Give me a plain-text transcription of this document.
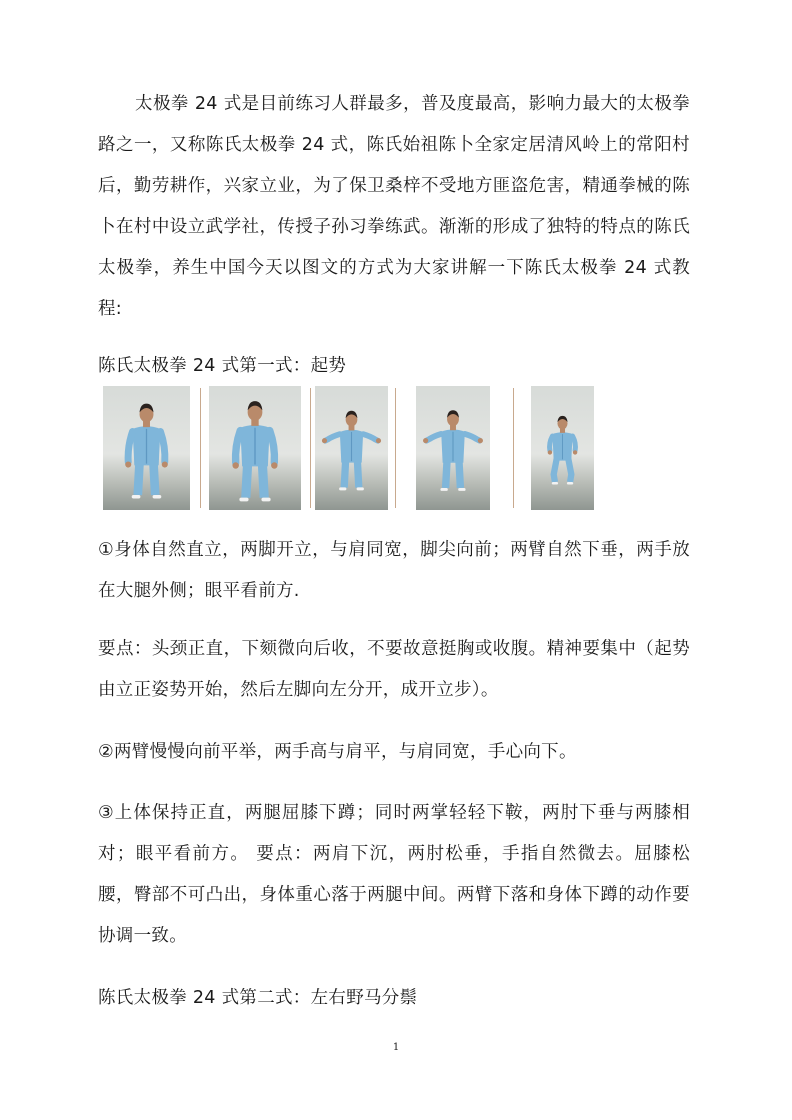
太极拳 24 式是目前练习人群最多，普及度最高，影响力最大的太极拳路之一，又称陈氏太极拳 24 式，陈氏始祖陈卜全家定居清风岭上的常阳村后，勤劳耕作，兴家立业，为了保卫桑梓不受地方匪盗危害，精通拳械的陈卜在村中设立武学社，传授子孙习拳练武。渐渐的形成了独特的特点的陈氏太极拳，养生中国今天以图文的方式为大家讲解一下陈氏太极拳 24 式教程:

陈氏太极拳 24 式第一式：起势

①身体自然直立，两脚开立，与肩同宽，脚尖向前；两臂自然下垂，两手放在大腿外侧；眼平看前方.

要点：头颈正直，下颏微向后收，不要故意挺胸或收腹。精神要集中（起势由立正姿势开始，然后左脚向左分开，成开立步）。

②两臂慢慢向前平举，两手高与肩平，与肩同宽，手心向下。

③上体保持正直，两腿屈膝下蹲；同时两掌轻轻下鞍，两肘下垂与两膝相对；眼平看前方。 要点：两肩下沉，两肘松垂，手指自然微去。屈膝松腰，臀部不可凸出，身体重心落于两腿中间。两臂下落和身体下蹲的动作要协调一致。

陈氏太极拳 24 式第二式：左右野马分鬃

1
